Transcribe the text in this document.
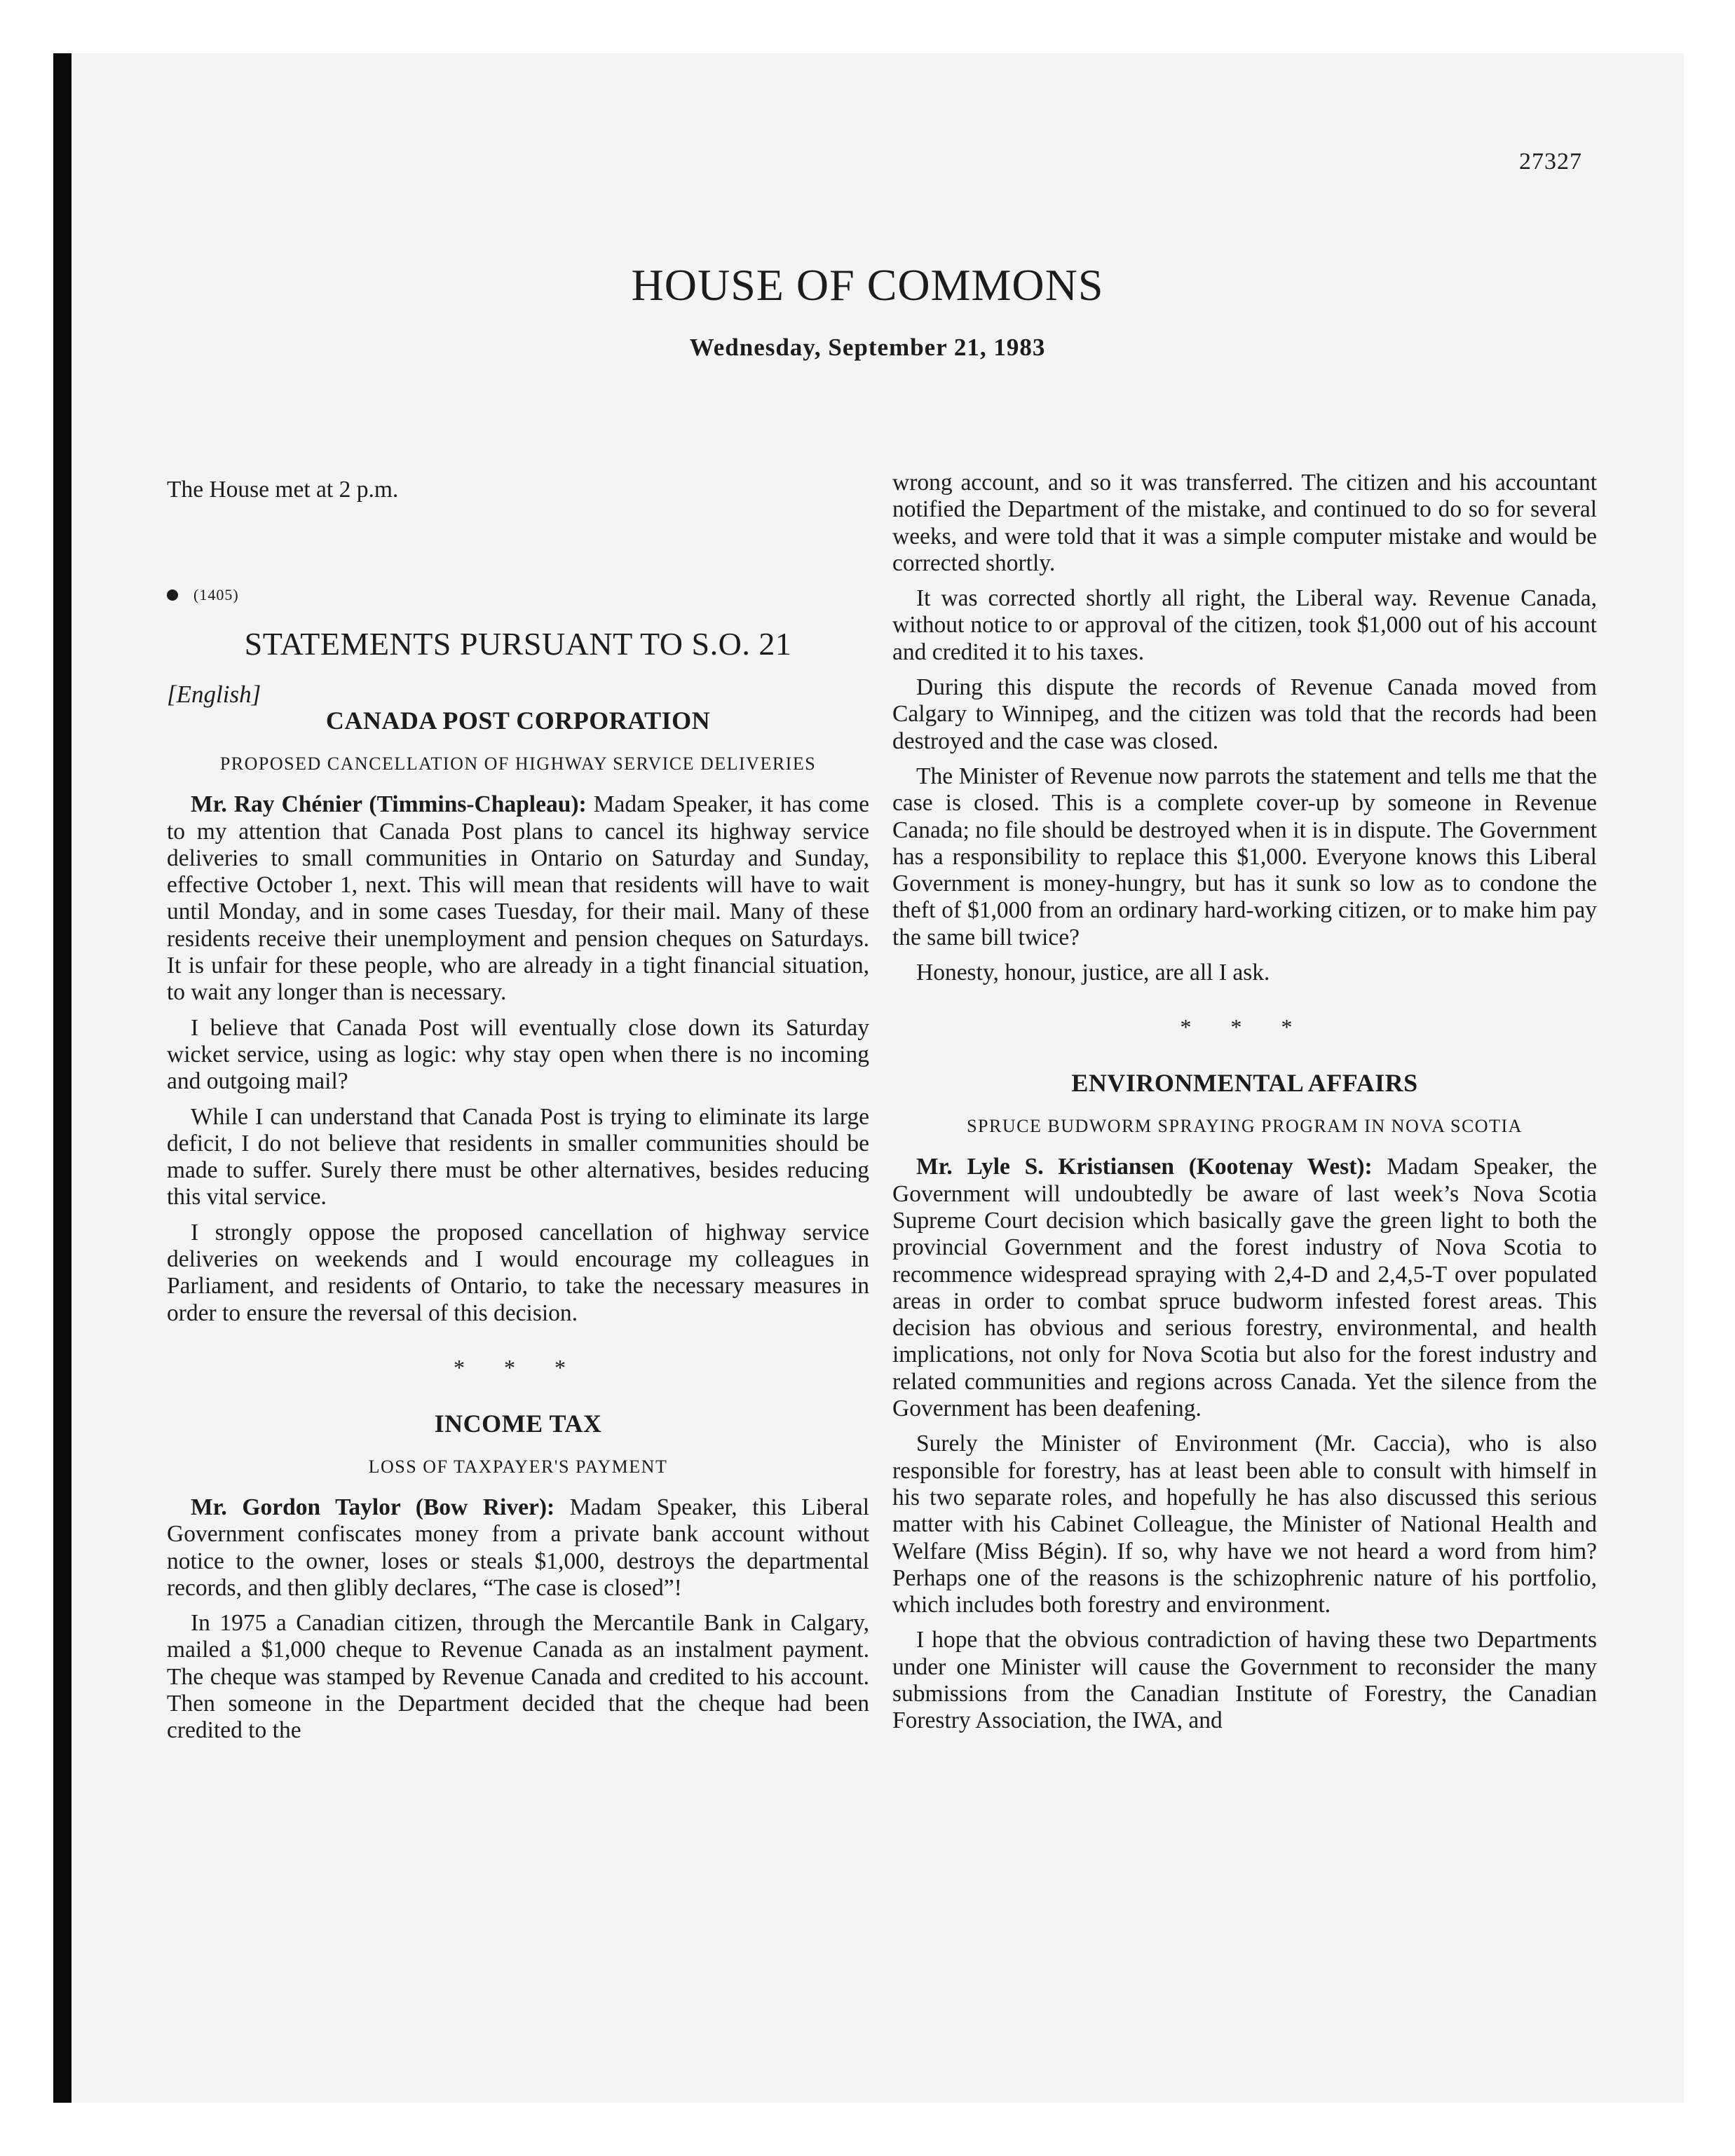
27327
HOUSE OF COMMONS
Wednesday, September 21, 1983

The House met at 2 p.m.

(1405)
STATEMENTS PURSUANT TO S.O. 21
[English]
CANADA POST CORPORATION
PROPOSED CANCELLATION OF HIGHWAY SERVICE DELIVERIES

Mr. Ray Chénier (Timmins-Chapleau): Madam Speaker, it has come to my attention that Canada Post plans to cancel its highway service deliveries to small communities in Ontario on Saturday and Sunday, effective October 1, next. This will mean that residents will have to wait until Monday, and in some cases Tuesday, for their mail. Many of these residents receive their unemployment and pension cheques on Saturdays. It is unfair for these people, who are already in a tight financial situation, to wait any longer than is necessary.

I believe that Canada Post will eventually close down its Saturday wicket service, using as logic: why stay open when there is no incoming and outgoing mail?

While I can understand that Canada Post is trying to eliminate its large deficit, I do not believe that residents in smaller communities should be made to suffer. Surely there must be other alternatives, besides reducing this vital service.

I strongly oppose the proposed cancellation of highway service deliveries on weekends and I would encourage my colleagues in Parliament, and residents of Ontario, to take the necessary measures in order to ensure the reversal of this decision.

* * *
INCOME TAX
LOSS OF TAXPAYER'S PAYMENT

Mr. Gordon Taylor (Bow River): Madam Speaker, this Liberal Government confiscates money from a private bank account without notice to the owner, loses or steals $1,000, destroys the departmental records, and then glibly declares, “The case is closed”!

In 1975 a Canadian citizen, through the Mercantile Bank in Calgary, mailed a $1,000 cheque to Revenue Canada as an instalment payment. The cheque was stamped by Revenue Canada and credited to his account. Then someone in the Department decided that the cheque had been credited to the

wrong account, and so it was transferred. The citizen and his accountant notified the Department of the mistake, and continued to do so for several weeks, and were told that it was a simple computer mistake and would be corrected shortly.

It was corrected shortly all right, the Liberal way. Revenue Canada, without notice to or approval of the citizen, took $1,000 out of his account and credited it to his taxes.

During this dispute the records of Revenue Canada moved from Calgary to Winnipeg, and the citizen was told that the records had been destroyed and the case was closed.

The Minister of Revenue now parrots the statement and tells me that the case is closed. This is a complete cover-up by someone in Revenue Canada; no file should be destroyed when it is in dispute. The Government has a responsibility to replace this $1,000. Everyone knows this Liberal Government is money-hungry, but has it sunk so low as to condone the theft of $1,000 from an ordinary hard-working citizen, or to make him pay the same bill twice?

Honesty, honour, justice, are all I ask.

* * *
ENVIRONMENTAL AFFAIRS
SPRUCE BUDWORM SPRAYING PROGRAM IN NOVA SCOTIA

Mr. Lyle S. Kristiansen (Kootenay West): Madam Speaker, the Government will undoubtedly be aware of last week’s Nova Scotia Supreme Court decision which basically gave the green light to both the provincial Government and the forest industry of Nova Scotia to recommence widespread spraying with 2,4-D and 2,4,5-T over populated areas in order to combat spruce budworm infested forest areas. This decision has obvious and serious forestry, environmental, and health implications, not only for Nova Scotia but also for the forest industry and related communities and regions across Canada. Yet the silence from the Government has been deafening.

Surely the Minister of Environment (Mr. Caccia), who is also responsible for forestry, has at least been able to consult with himself in his two separate roles, and hopefully he has also discussed this serious matter with his Cabinet Colleague, the Minister of National Health and Welfare (Miss Bégin). If so, why have we not heard a word from him? Perhaps one of the reasons is the schizophrenic nature of his portfolio, which includes both forestry and environment.

I hope that the obvious contradiction of having these two Departments under one Minister will cause the Government to reconsider the many submissions from the Canadian Institute of Forestry, the Canadian Forestry Association, the IWA, and
